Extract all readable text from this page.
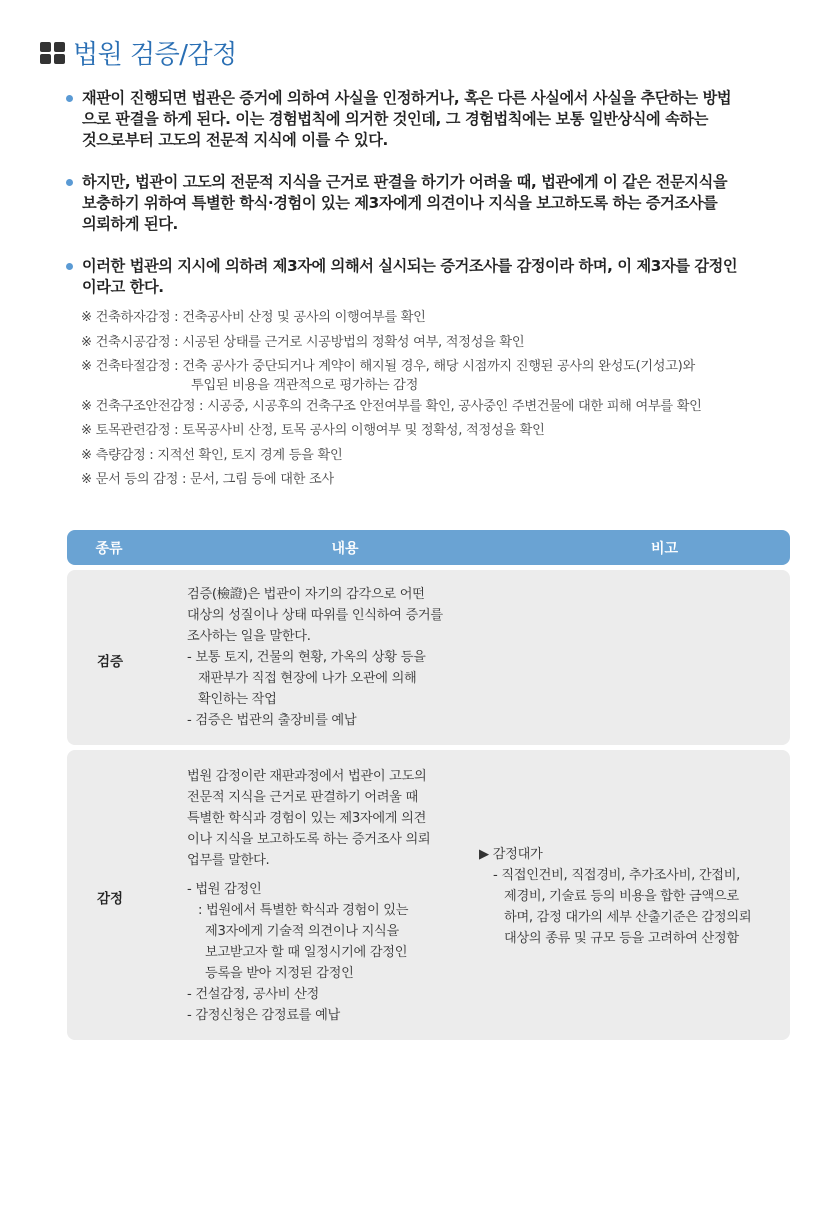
법원 검증/감정
재판이 진행되면 법관은 증거에 의하여 사실을 인정하거나, 혹은 다른 사실에서 사실을 추단하는 방법
으로 판결을 하게 된다. 이는 경험법칙에 의거한 것인데, 그 경험법칙에는 보통 일반상식에 속하는
것으로부터 고도의 전문적 지식에 이를 수 있다.
하지만, 법관이 고도의 전문적 지식을 근거로 판결을 하기가 어려울 때, 법관에게 이 같은 전문지식을
보충하기 위하여 특별한 학식·경험이 있는 제3자에게 의견이나 지식을 보고하도록 하는 증거조사를
의뢰하게 된다.
이러한 법관의 지시에 의하려 제3자에 의해서 실시되는 증거조사를 감정이라 하며, 이 제3자를 감정인
이라고 한다.
※ 건축하자감정 : 건축공사비 산정 및 공사의 이행여부를 확인
※ 건축시공감정 : 시공된 상태를 근거로 시공방법의 정확성 여부, 적정성을 확인
※ 건축타절감정 : 건축 공사가 중단되거나 계약이 해지될 경우, 해당 시점까지 진행된 공사의 완성도(기성고)와
투입된 비용을 객관적으로 평가하는 감정
※ 건축구조안전감정 : 시공중, 시공후의 건축구조 안전여부를 확인, 공사중인 주변건물에 대한 피해 여부를 확인
※ 토목관련감정 : 토목공사비 산정, 토목 공사의 이행여부 및 정확성, 적정성을 확인
※ 측량감정 : 지적선 확인, 토지 경계 등을 확인
※ 문서 등의 감정 : 문서, 그림 등에 대한 조사
종류	내용	비고
검증

검증(檢證)은 법관이 자기의 감각으로 어떤

대상의 성질이나 상태 따위를 인식하여 증거를

조사하는 일을 말한다.

- 보통 토지, 건물의 현황, 가옥의 상황 등을

재판부가 직접 현장에 나가 오관에 의해

확인하는 작업

- 검증은 법관의 출장비를 예납

감정

법원 감정이란 재판과정에서 법관이 고도의

전문적 지식을 근거로 판결하기 어려울 때

특별한 학식과 경험이 있는 제3자에게 의견

이나 지식을 보고하도록 하는 증거조사 의뢰

업무를 말한다.

- 법원 감정인

: 법원에서 특별한 학식과 경험이 있는

제3자에게 기술적 의견이나 지식을

보고받고자 할 때 일정시기에 감정인

등록을 받아 지정된 감정인

- 건설감정, 공사비 산정

- 감정신청은 감정료를 예납

▶ 감정대가

- 직접인건비, 직접경비, 추가조사비, 간접비,

제경비, 기술료 등의 비용을 합한 금액으로

하며, 감정 대가의 세부 산출기준은 감정의뢰

대상의 종류 및 규모 등을 고려하여 산정함
